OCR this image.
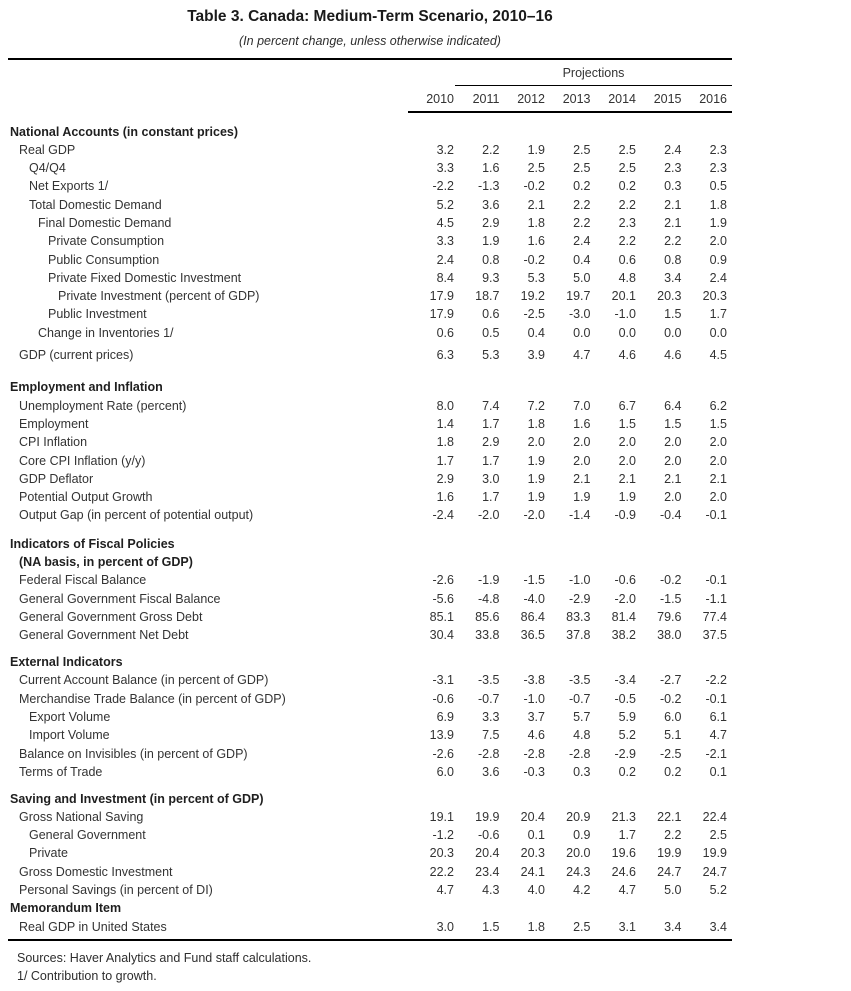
Table 3. Canada: Medium-Term Scenario, 2010–16
(In percent change, unless otherwise indicated)
Projections
2010	2011	2012	2013	2014	2015	2016
National Accounts (in constant prices)
Real GDP	3.2	2.2	1.9	2.5	2.5	2.4	2.3
Q4/Q4	3.3	1.6	2.5	2.5	2.5	2.3	2.3
Net Exports 1/	-2.2	-1.3	-0.2	0.2	0.2	0.3	0.5
Total Domestic Demand	5.2	3.6	2.1	2.2	2.2	2.1	1.8
Final Domestic Demand	4.5	2.9	1.8	2.2	2.3	2.1	1.9
Private Consumption	3.3	1.9	1.6	2.4	2.2	2.2	2.0
Public Consumption	2.4	0.8	-0.2	0.4	0.6	0.8	0.9
Private Fixed Domestic Investment	8.4	9.3	5.3	5.0	4.8	3.4	2.4
Private Investment (percent of GDP)	17.9	18.7	19.2	19.7	20.1	20.3	20.3
Public Investment	17.9	0.6	-2.5	-3.0	-1.0	1.5	1.7
Change in Inventories 1/	0.6	0.5	0.4	0.0	0.0	0.0	0.0
GDP (current prices)	6.3	5.3	3.9	4.7	4.6	4.6	4.5
Employment and Inflation
Unemployment Rate (percent)	8.0	7.4	7.2	7.0	6.7	6.4	6.2
Employment	1.4	1.7	1.8	1.6	1.5	1.5	1.5
CPI Inflation	1.8	2.9	2.0	2.0	2.0	2.0	2.0
Core CPI Inflation (y/y)	1.7	1.7	1.9	2.0	2.0	2.0	2.0
GDP Deflator	2.9	3.0	1.9	2.1	2.1	2.1	2.1
Potential Output Growth	1.6	1.7	1.9	1.9	1.9	2.0	2.0
Output Gap (in percent of potential output)	-2.4	-2.0	-2.0	-1.4	-0.9	-0.4	-0.1
Indicators of Fiscal Policies
(NA basis, in percent of GDP)
Federal Fiscal Balance	-2.6	-1.9	-1.5	-1.0	-0.6	-0.2	-0.1
General Government Fiscal Balance	-5.6	-4.8	-4.0	-2.9	-2.0	-1.5	-1.1
General Government Gross Debt	85.1	85.6	86.4	83.3	81.4	79.6	77.4
General Government Net Debt	30.4	33.8	36.5	37.8	38.2	38.0	37.5
External Indicators
Current Account Balance (in percent of GDP)	-3.1	-3.5	-3.8	-3.5	-3.4	-2.7	-2.2
Merchandise Trade Balance (in percent of GDP)	-0.6	-0.7	-1.0	-0.7	-0.5	-0.2	-0.1
Export Volume	6.9	3.3	3.7	5.7	5.9	6.0	6.1
Import Volume	13.9	7.5	4.6	4.8	5.2	5.1	4.7
Balance on Invisibles (in percent of GDP)	-2.6	-2.8	-2.8	-2.8	-2.9	-2.5	-2.1
Terms of Trade	6.0	3.6	-0.3	0.3	0.2	0.2	0.1
Saving and Investment (in percent of GDP)
Gross National Saving	19.1	19.9	20.4	20.9	21.3	22.1	22.4
General Government	-1.2	-0.6	0.1	0.9	1.7	2.2	2.5
Private	20.3	20.4	20.3	20.0	19.6	19.9	19.9
Gross Domestic Investment	22.2	23.4	24.1	24.3	24.6	24.7	24.7
Personal Savings (in percent of DI)	4.7	4.3	4.0	4.2	4.7	5.0	5.2
Memorandum Item
Real GDP in United States	3.0	1.5	1.8	2.5	3.1	3.4	3.4
Sources: Haver Analytics and Fund staff calculations.
1/ Contribution to growth.
